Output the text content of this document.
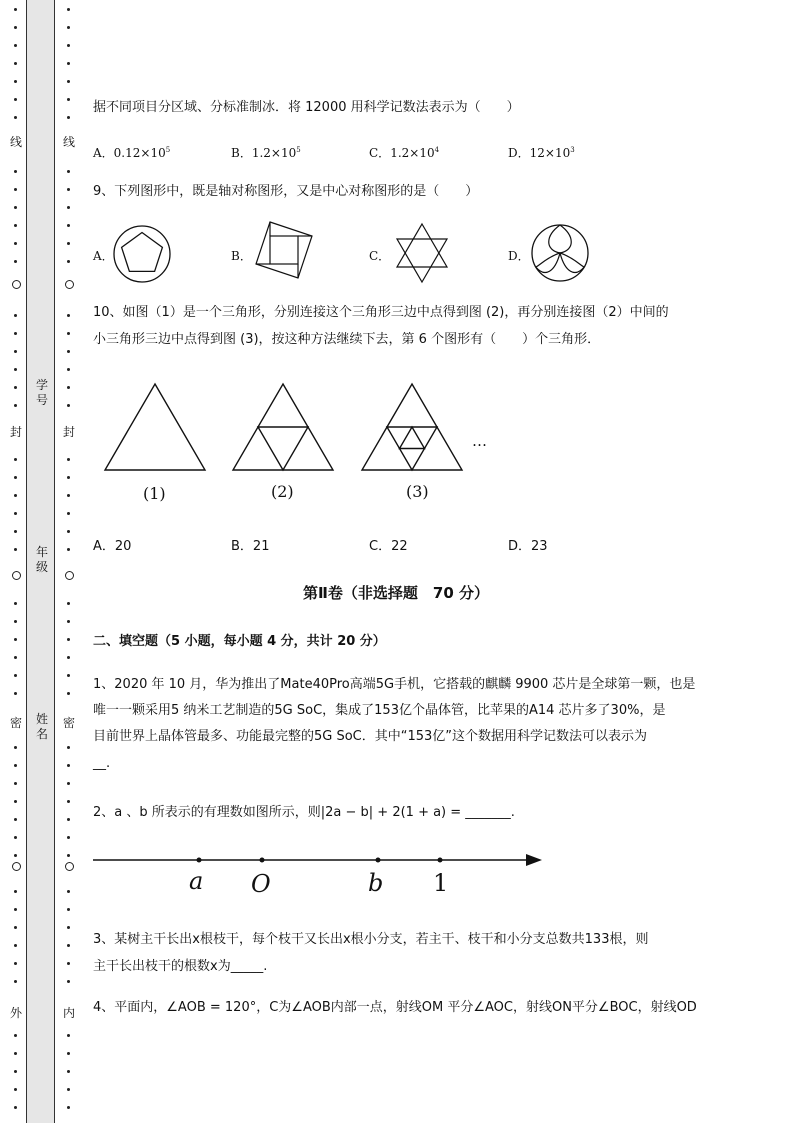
线
封
密
外
线
封
密
内
学号
年级
姓名
据不同项目分区域、分标准制冰．将 12000 用科学记数法表示为（　　）
A．$0.12\times 10^5$	B．$1.2\times 10^5$	C．$1.2\times 10^4$	D．$12\times 10^3$
9、下列图形中，既是轴对称图形，又是中心对称图形的是（　　）
A．	B．	C．	D．
10、如图（1）是一个三角形，分别连接这个三角形三边中点得到图 (2)，再分别连接图（2）中间的
小三角形三边中点得到图 (3)，按这种方法继续下去，第 6 个图形有（　　）个三角形．
…
(1)	(2)	(3)
A．20	B．21	C．22	D．23
第Ⅱ卷（非选择题　70 分）
二、填空题（5 小题，每小题 4 分，共计 20 分）
1、2020 年 10 月，华为推出了Mate40Pro高端5G手机，它搭载的麒麟 9900 芯片是全球第一颗，也是
唯一一颗采用5 纳米工艺制造的5G SoC，集成了153亿个晶体管，比苹果的A14 芯片多了30%，是
目前世界上晶体管最多、功能最完整的5G SoC．其中“153亿”这个数据用科学记数法可以表示为
__.
2、a 、b 所表示的有理数如图所示，则|2a − b| + 2(1 + a) = _______.
a O	b 1
3、某树主干长出x根枝干，每个枝干又长出x根小分支，若主干、枝干和小分支总数共133根，则
主干长出枝干的根数x为_____.
4、平面内，∠AOB = 120°，C为∠AOB内部一点，射线OM 平分∠AOC，射线ON平分∠BOC，射线OD
